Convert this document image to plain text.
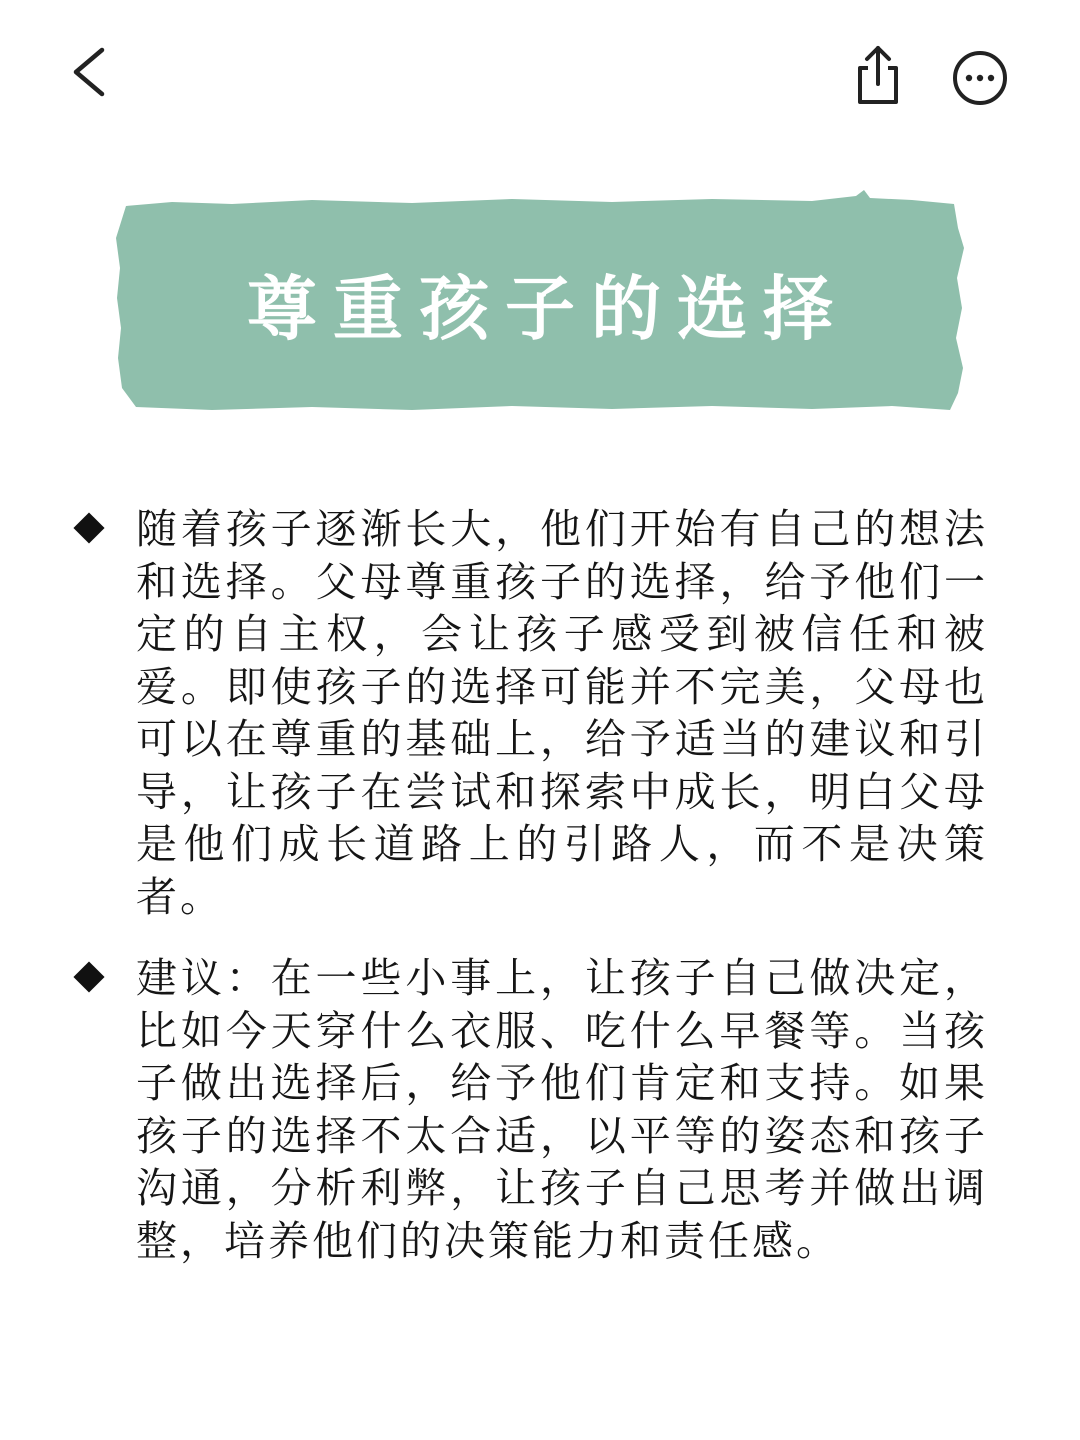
尊重孩子的选择

随着孩子逐渐长大，他们开始有自己的想法和选择。父母尊重孩子的选择，给予他们一定的自主权，会让孩子感受到被信任和被爱。即使孩子的选择可能并不完美，父母也可以在尊重的基础上，给予适当的建议和引导，让孩子在尝试和探索中成长，明白父母是他们成长道路上的引路人，而不是决策者。

建议：在一些小事上，让孩子自己做决定，比如今天穿什么衣服、吃什么早餐等。当孩子做出选择后，给予他们肯定和支持。如果孩子的选择不太合适，以平等的姿态和孩子沟通，分析利弊，让孩子自己思考并做出调整，培养他们的决策能力和责任感。
